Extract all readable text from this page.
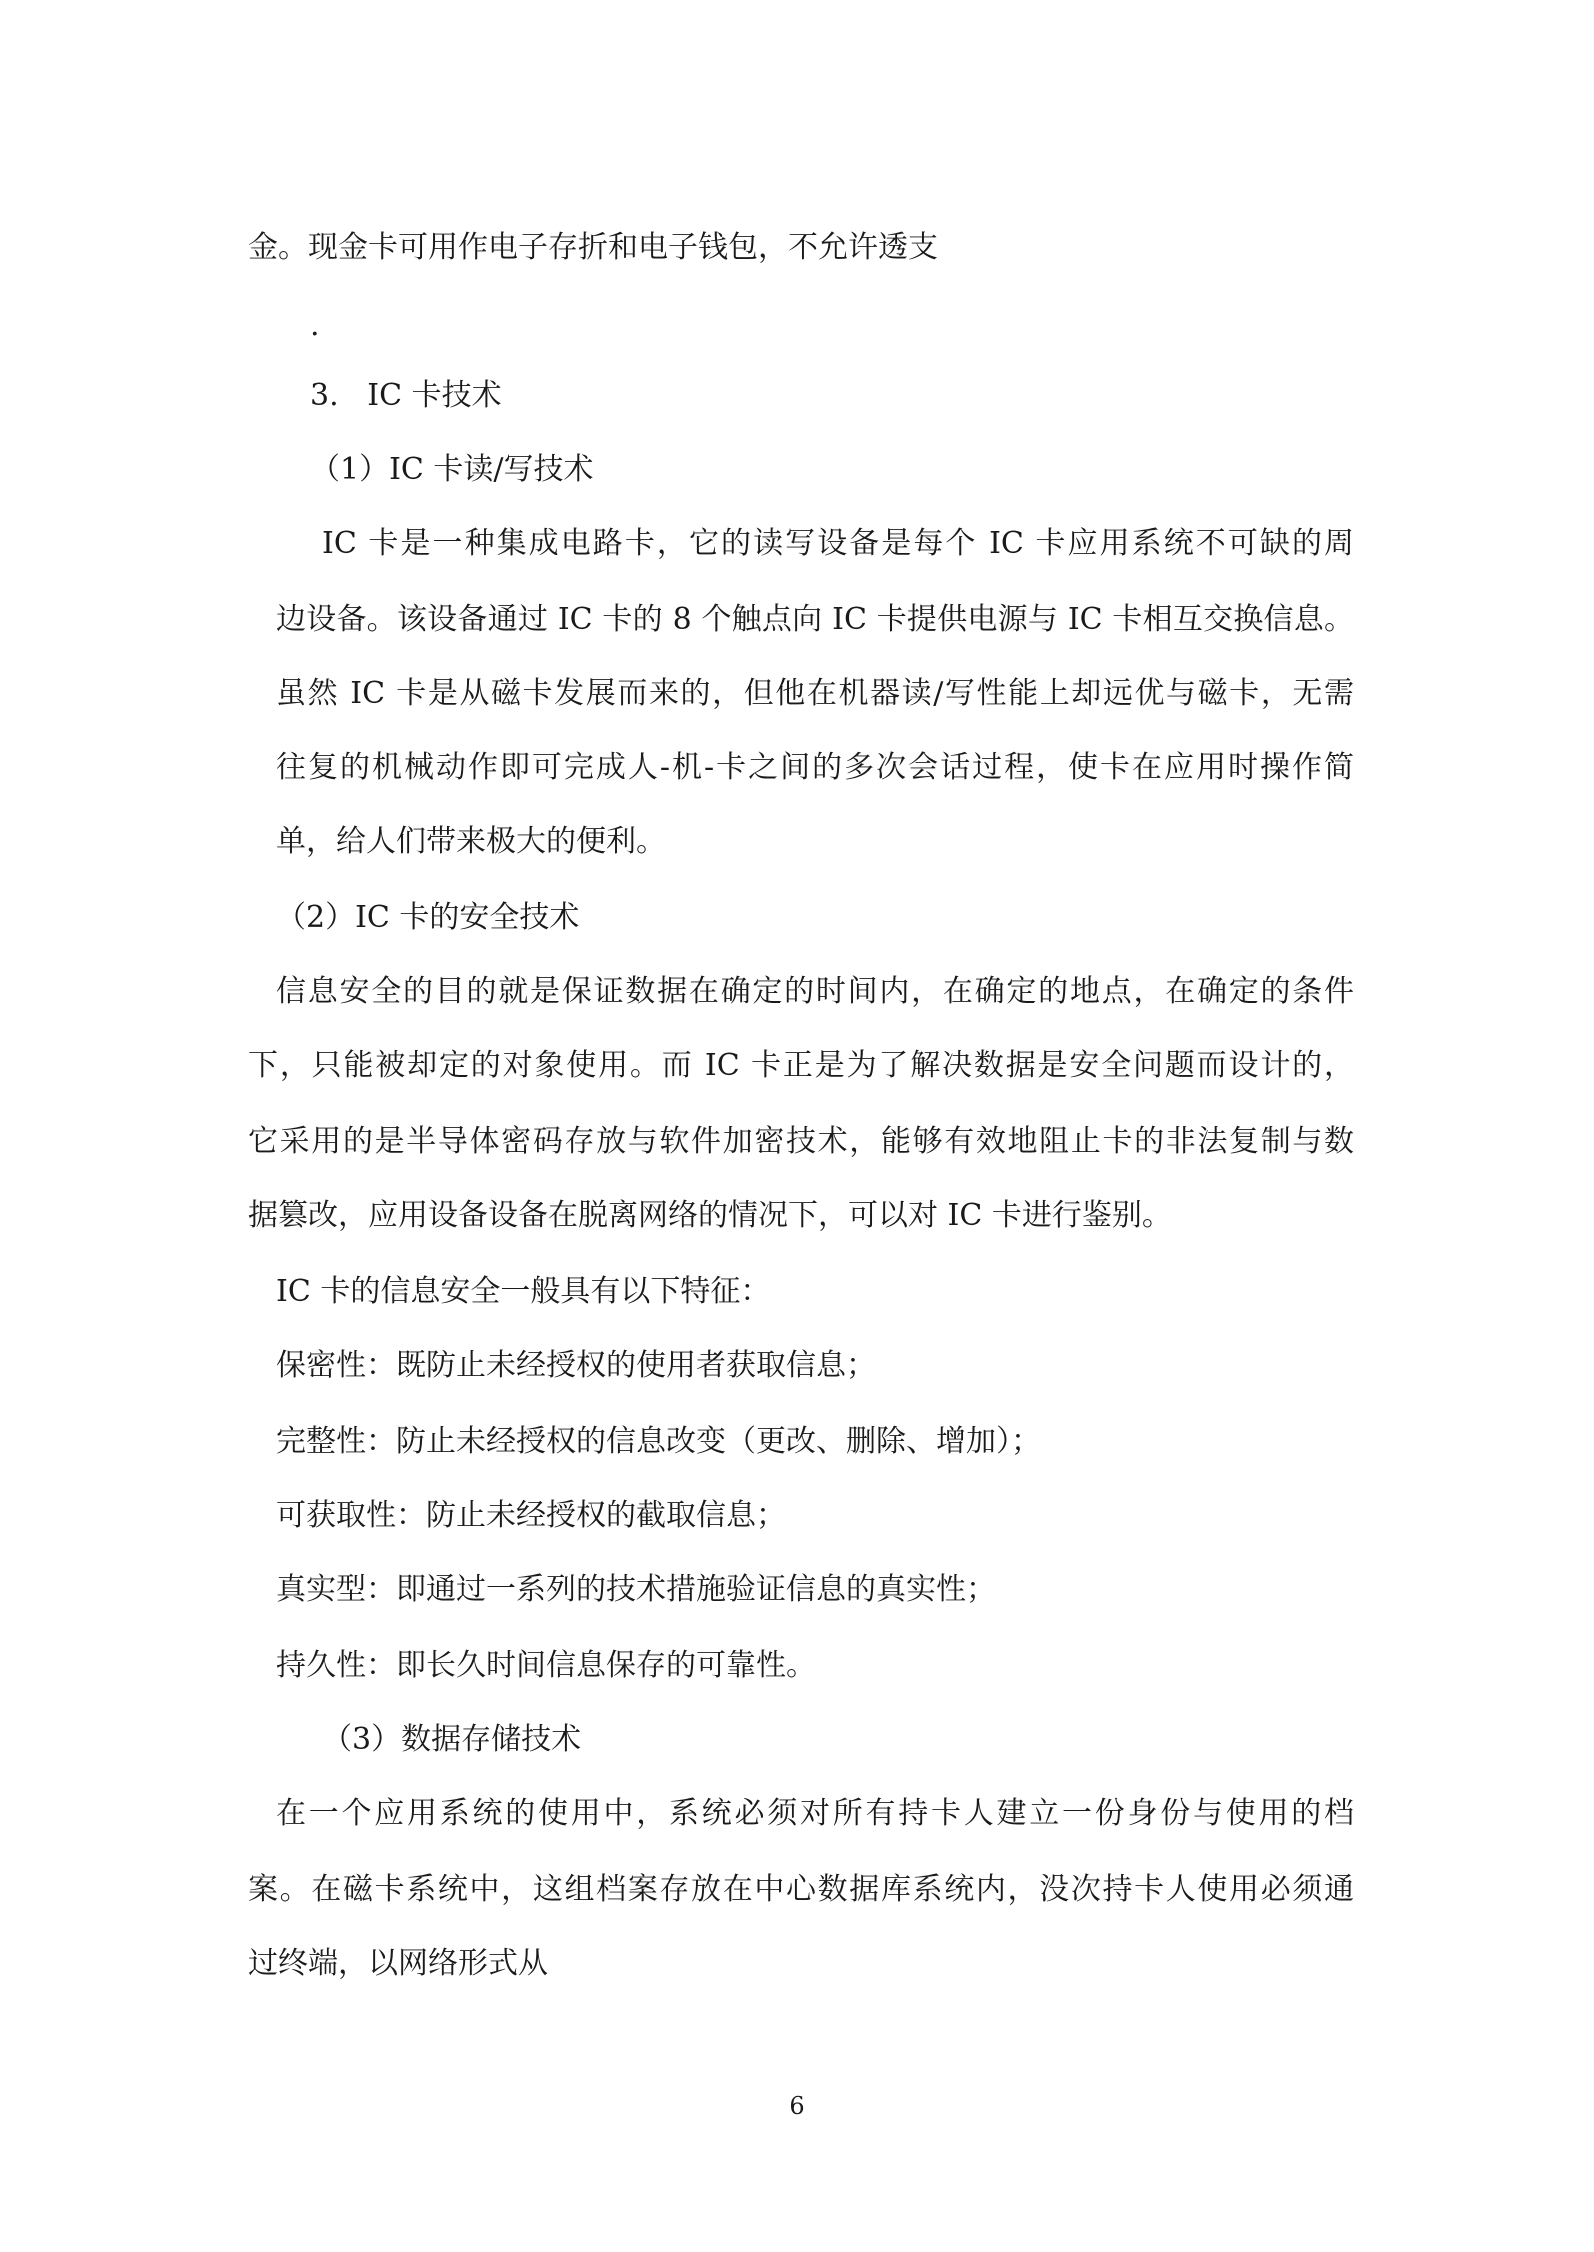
金。现金卡可用作电子存折和电子钱包，不允许透支

.

3.   IC 卡技术

（1）IC 卡读/写技术

IC 卡是一种集成电路卡，它的读写设备是每个 IC 卡应用系统不可缺的周

边设备。该设备通过 IC 卡的 8 个触点向 IC 卡提供电源与 IC 卡相互交换信息。

虽然 IC 卡是从磁卡发展而来的，但他在机器读/写性能上却远优与磁卡，无需

往复的机械动作即可完成人-机-卡之间的多次会话过程，使卡在应用时操作简

单，给人们带来极大的便利。

（2）IC 卡的安全技术

信息安全的目的就是保证数据在确定的时间内，在确定的地点，在确定的条件

下，只能被却定的对象使用。而 IC 卡正是为了解决数据是安全问题而设计的，

它采用的是半导体密码存放与软件加密技术，能够有效地阻止卡的非法复制与数

据篡改，应用设备设备在脱离网络的情况下，可以对 IC 卡进行鉴别。

IC 卡的信息安全一般具有以下特征：

保密性：既防止未经授权的使用者获取信息；

完整性：防止未经授权的信息改变（更改、删除、增加）；

可获取性：防止未经授权的截取信息；

真实型：即通过一系列的技术措施验证信息的真实性；

持久性：即长久时间信息保存的可靠性。

（3）数据存储技术

在一个应用系统的使用中，系统必须对所有持卡人建立一份身份与使用的档

案。在磁卡系统中，这组档案存放在中心数据库系统内，没次持卡人使用必须通

过终端，以网络形式从

6
